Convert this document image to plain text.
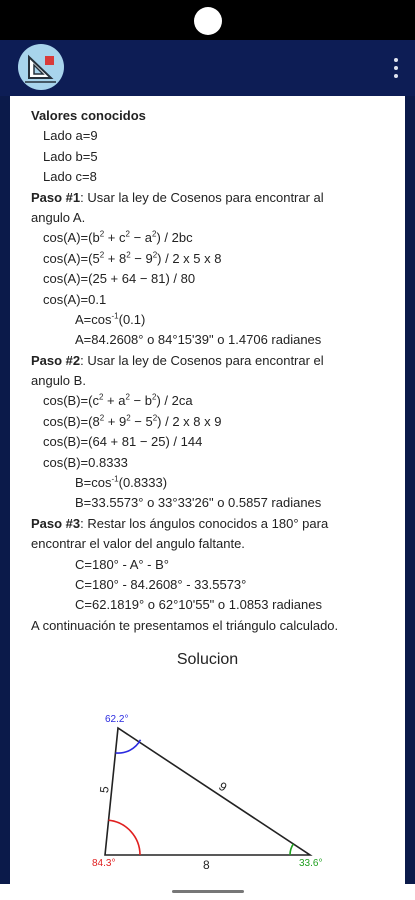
Valores conocidos
Lado a=9
Lado b=5
Lado c=8
Paso #1: Usar la ley de Cosenos para encontrar al
angulo A.
$\cos(A)=(b^2 + c^2 - a^2) / 2bc$
$\cos(A)=(5^2 + 8^2 - 9^2) / 2$ x 5 x 8
cos(A)=(25 + 64 − 81) / 80
cos(A)=0.1
$A=\cos^{-1}(0.1)$
A=84.2608° o 84°15'39" o 1.4706 radianes
Paso #2: Usar la ley de Cosenos para encontrar el
angulo B.
$\cos(B)=(c^2 + a^2 - b^2) / 2ca$
$\cos(B)=(8^2 + 9^2 - 5^2) / 2$ x 8 x 9
cos(B)=(64 + 81 − 25) / 144
cos(B)=0.8333
$B=\cos^{-1}(0.8333)$
B=33.5573° o 33°33'26" o 0.5857 radianes
Paso #3: Restar los ángulos conocidos a 180° para
encontrar el valor del angulo faltante.
C=180° - A° - B°
C=180° - 84.2608° - 33.5573°
C=62.1819° o 62°10'55" o 1.0853 radianes
A continuación te presentamos el triángulo calculado.
Solucion
62.2°
84.3°	33.6°
5	9
8
